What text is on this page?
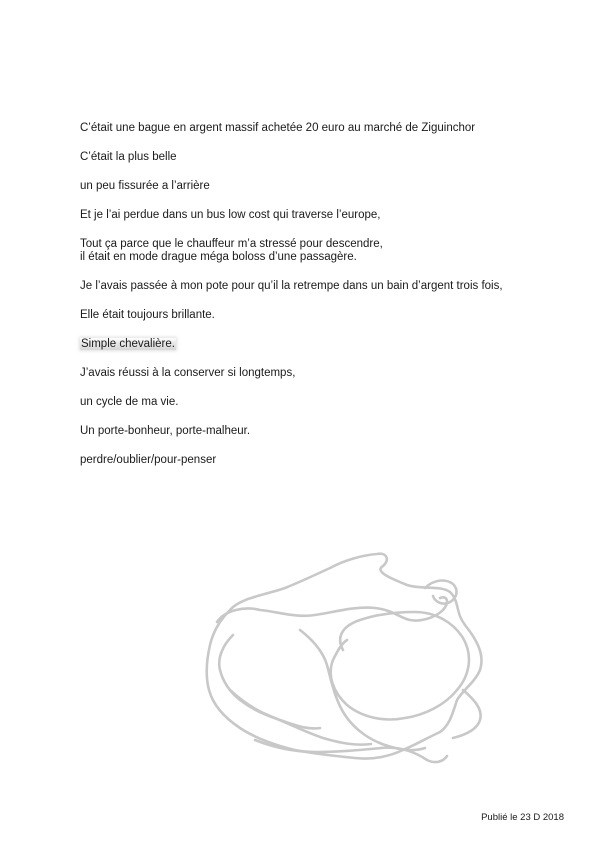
C’était une bague en argent massif achetée 20 euro au marché de Ziguinchor

C’était la plus belle

un peu fissurée a l’arrière

Et je l’ai perdue dans un bus low cost qui traverse l’europe,

Tout ça parce que le chauffeur m’a stressé pour descendre,
il était en mode drague méga boloss d’une passagère.

Je l’avais passée à mon pote pour qu’il la retrempe dans un bain d’argent trois fois,

Elle était toujours brillante.

Simple chevalière.

J’avais réussi à la conserver si longtemps,

un cycle de ma vie.

Un porte-bonheur, porte-malheur.

perdre/oublier/pour-penser

Publié le 23 D 2018
